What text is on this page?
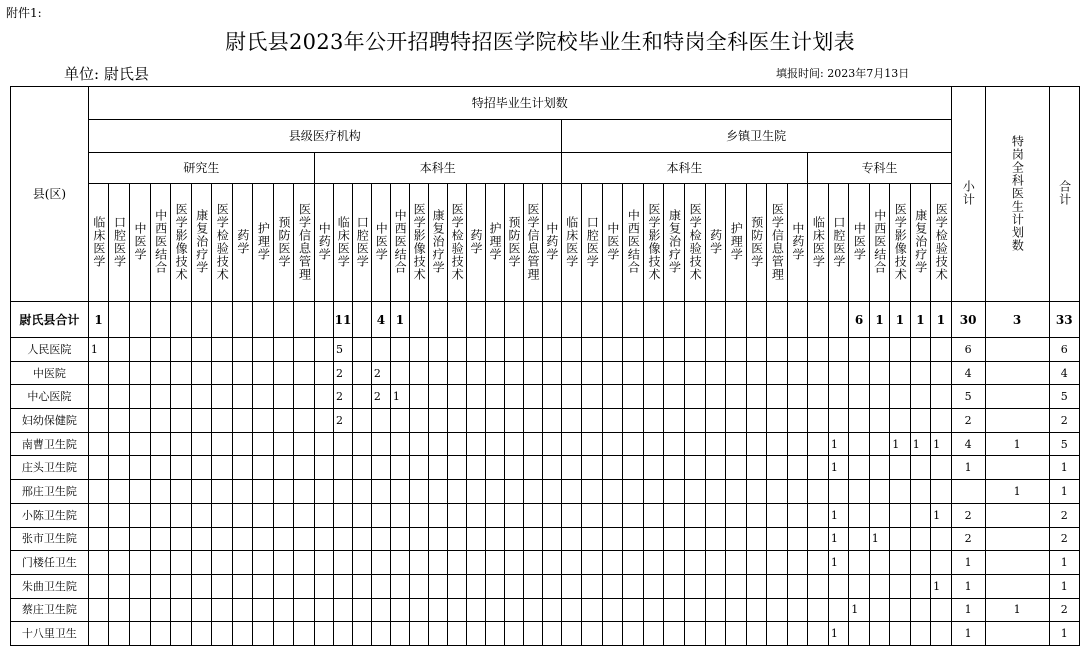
附件1:
尉氏县2023年公开招聘特招医学院校毕业生和特岗全科医生计划表
单位: 尉氏县	填报时间: 2023年7月13日
县(区)	特招毕业生计划数																																											小计	特岗全科医生计划数	合计
	县级医疗机构																								乡镇卫生院																					
	研究生											本科生													本科生												专科生									
	临床医学	口腔医学	中医学	中西医结合	医学影像技术	康复治疗学	医学检验技术	药学	护理学	预防医学	医学信息管理	中药学	临床医学	口腔医学	中医学	中西医结合	医学影像技术	康复治疗学	医学检验技术	药学	护理学	预防医学	医学信息管理	中药学	临床医学	口腔医学	中医学	中西医结合	医学影像技术	康复治疗学	医学检验技术	药学	护理学	预防医学	医学信息管理	中药学	临床医学	口腔医学	中医学	中西医结合	医学影像技术	康复治疗学	医学检验技术			
尉氏县合计	1												11		4	1																							6	1	1	1	1	30	3	33
人民医院	1												5																															6		6
中医院													2		2																													4		4
中心医院													2		2	1																												5		5
妇幼保健院													2																															2		2
南曹卫生院																																						1			1	1	1	4	1	5
庄头卫生院																																						1						1		1
邢庄卫生院																																													1	1
小陈卫生院																																						1					1	2		2
张市卫生院																																						1		1				2		2
门楼任卫生																																						1						1		1
朱曲卫生院																																											1	1		1
蔡庄卫生院																																							1					1	1	2
十八里卫生																																						1						1		1
